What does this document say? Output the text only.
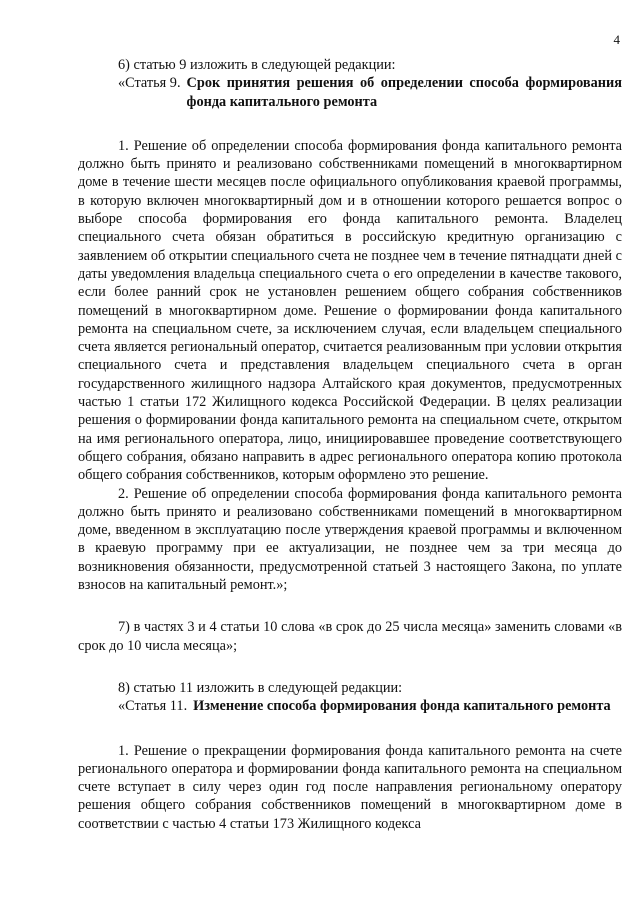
4

6) статью 9 изложить в следующей редакции:

«Статья 9. Срок принятия решения об определении способа формирования фонда капитального ремонта

1. Решение об определении способа формирования фонда капитального ремонта должно быть принято и реализовано собственниками помещений в многоквартирном доме в течение шести месяцев после официального опубликования краевой программы, в которую включен многоквартирный дом и в отношении которого решается вопрос о выборе способа формирования его фонда капитального ремонта. Владелец специального счета обязан обратиться в российскую кредитную организацию с заявлением об открытии специального счета не позднее чем в течение пятнадцати дней с даты уведомления владельца специального счета о его определении в качестве такового, если более ранний срок не установлен решением общего собрания собственников помещений в многоквартирном доме. Решение о формировании фонда капитального ремонта на специальном счете, за исключением случая, если владельцем специального счета является региональный оператор, считается реализованным при условии открытия специального счета и представления владельцем специального счета в орган государственного жилищного надзора Алтайского края документов, предусмотренных частью 1 статьи 172 Жилищного кодекса Российской Федерации. В целях реализации решения о формировании фонда капитального ремонта на специальном счете, открытом на имя регионального оператора, лицо, инициировавшее проведение соответствующего общего собрания, обязано направить в адрес регионального оператора копию протокола общего собрания собственников, которым оформлено это решение.

2. Решение об определении способа формирования фонда капитального ремонта должно быть принято и реализовано собственниками помещений в многоквартирном доме, введенном в эксплуатацию после утверждения краевой программы и включенном в краевую программу при ее актуализации, не позднее чем за три месяца до возникновения обязанности, предусмотренной статьей 3 настоящего Закона, по уплате взносов на капитальный ремонт.»;

7) в частях 3 и 4 статьи 10 слова «в срок до 25 числа месяца» заменить словами «в срок до 10 числа месяца»;

8) статью 11 изложить в следующей редакции:

«Статья 11. Изменение способа формирования фонда капитального ремонта

1. Решение о прекращении формирования фонда капитального ремонта на счете регионального оператора и формировании фонда капитального ремонта на специальном счете вступает в силу через один год после направления региональному оператору решения общего собрания собственников помещений в многоквартирном доме в соответствии с частью 4 статьи 173 Жилищного кодекса
